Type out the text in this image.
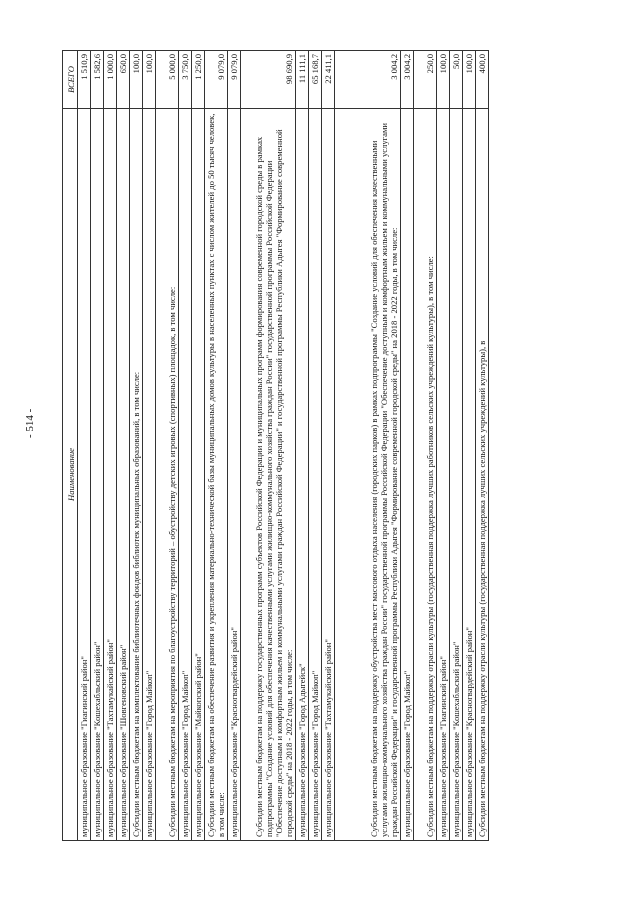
- 514 -
Наименование	ВСЕГО
муниципальное образование "Гиагинский район"	1 510,9
муниципальное образование "Кошехабльский район"	1 582,6
муниципальное образование "Тахтамукайский район"	1 000,0
муниципальное образование "Шовгеновский район"	650,0
Субсидии местным бюджетам на комплектование библиотечных фондов библиотек муниципальных образований, в том числе:	100,0
муниципальное образование "Город Майкоп"	100,0
Субсидии местным бюджетам на мероприятия по благоустройству территорий – обустройству детских игровых (спортивных) площадок, в том числе:	5 000,0
муниципальное образование "Город Майкоп"	3 750,0
муниципальное образование "Майкопский район"	1 250,0
Субсидии местным бюджетам на обеспечение развития и укрепления материально-технической базы муниципальных домов культуры в населенных пунктах с числом жителей до 50 тысяч человек, в том числе:	9 079,0
муниципальное образование "Красногвардейский район"	9 079,0
Субсидии местным бюджетам на поддержку государственных программ субъектов Российской Федерации и муниципальных программ формирования современной городской среды в рамках подпрограммы "Создание условий для обеспечения качественными услугами жилищно-коммунального хозяйства граждан России" государственной программы Российской Федерации "Обеспечение доступным и комфортным жильем и коммунальными услугами граждан Российской Федерации" и государственной программы Республики Адыгея "Формирование современной городской среды" на 2018 - 2022 годы, в том числе:	98 690,9
муниципальное образование "Город Адыгейск"	11 111,1
муниципальное образование "Город Майкоп"	65 168,7
муниципальное образование "Тахтамукайский район"	22 411,1
Субсидии местным бюджетам на поддержку обустройства мест массового отдыха населения (городских парков) в рамках подпрограммы "Создание условий для обеспечения качественными услугами жилищно-коммунального хозяйства граждан России" государственной программы Российской Федерации "Обеспечение доступным и комфортным жильем и коммунальными услугами граждан Российской Федерации" и государственной программы Республики Адыгея "Формирование современной городской среды" на 2018 - 2022 годы, в том числе:	3 004,2
муниципальное образование "Город Майкоп"	3 004,2
Субсидии местным бюджетам на поддержку отрасли культуры (государственная поддержка лучших работников сельских учреждений культуры), в том числе:	250,0
муниципальное образование "Гиагинский район"	100,0
муниципальное образование "Кошехабльский район"	50,0
муниципальное образование "Красногвардейский район"	100,0
Субсидии местным бюджетам на поддержку отрасли культуры (государственная поддержка лучших сельских учреждений культуры), в	400,0
